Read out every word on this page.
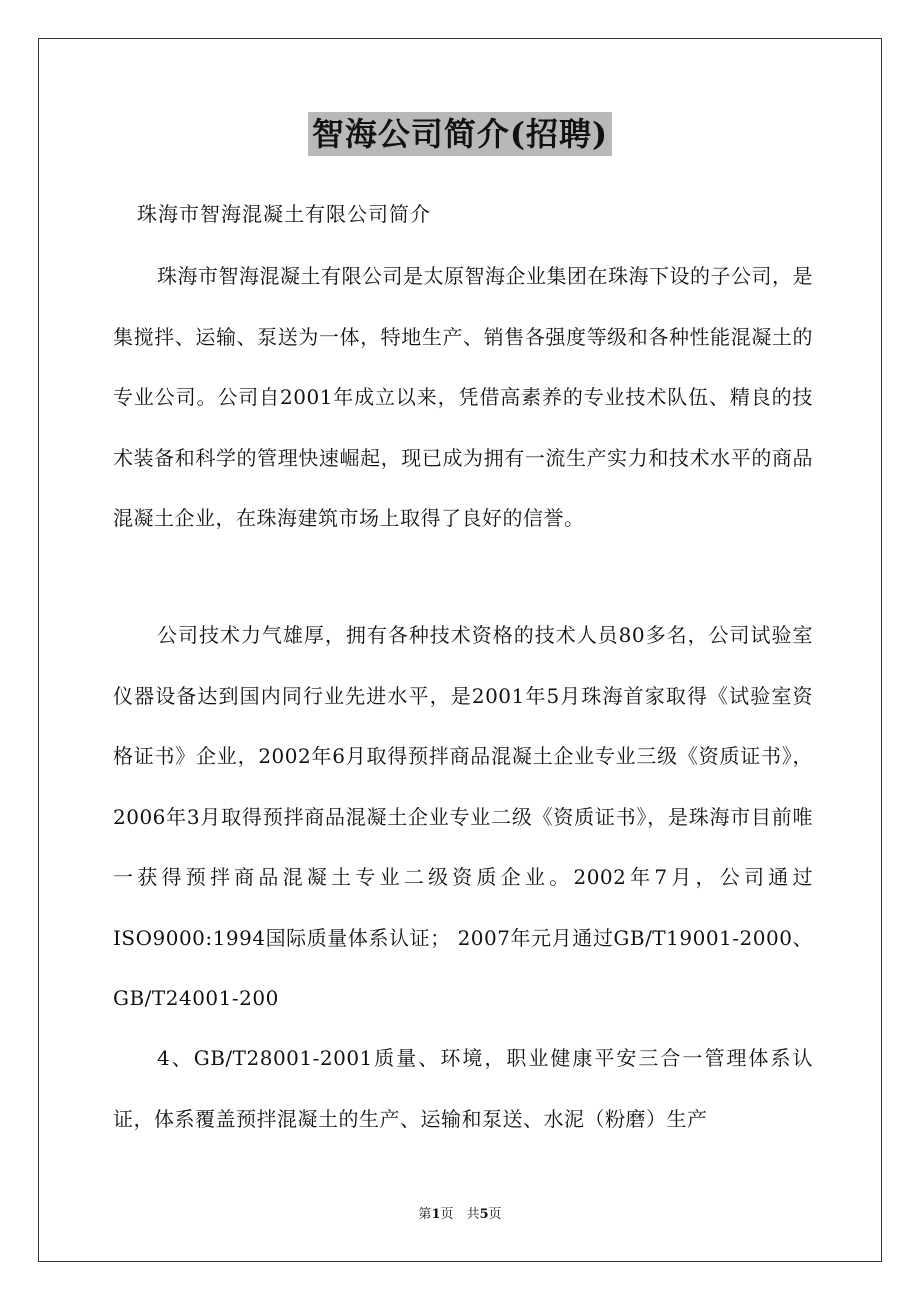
智海公司简介(招聘)
珠海市智海混凝土有限公司简介

珠海市智海混凝土有限公司是太原智海企业集团在珠海下设的子公司，是集搅拌、运输、泵送为一体，特地生产、销售各强度等级和各种性能混凝土的专业公司。公司自2001年成立以来，凭借高素养的专业技术队伍、精良的技术装备和科学的管理快速崛起，现已成为拥有一流生产实力和技术水平的商品混凝土企业，在珠海建筑市场上取得了良好的信誉。

公司技术力气雄厚，拥有各种技术资格的技术人员80多名，公司试验室仪器设备达到国内同行业先进水平，是2001年5月珠海首家取得《试验室资格证书》企业，2002年6月取得预拌商品混凝土企业专业三级《资质证书》，2006年3月取得预拌商品混凝土企业专业二级《资质证书》，是珠海市目前唯一获得预拌商品混凝土专业二级资质企业。2002年7月，公司通过ISO9000:1994国际质量体系认证； 2007年元月通过GB/T19001-2000、GB/T24001-200

4、GB/T28001-2001质量、环境，职业健康平安三合一管理体系认证，体系覆盖预拌混凝土的生产、运输和泵送、水泥（粉磨）生产

第1页　共5页
